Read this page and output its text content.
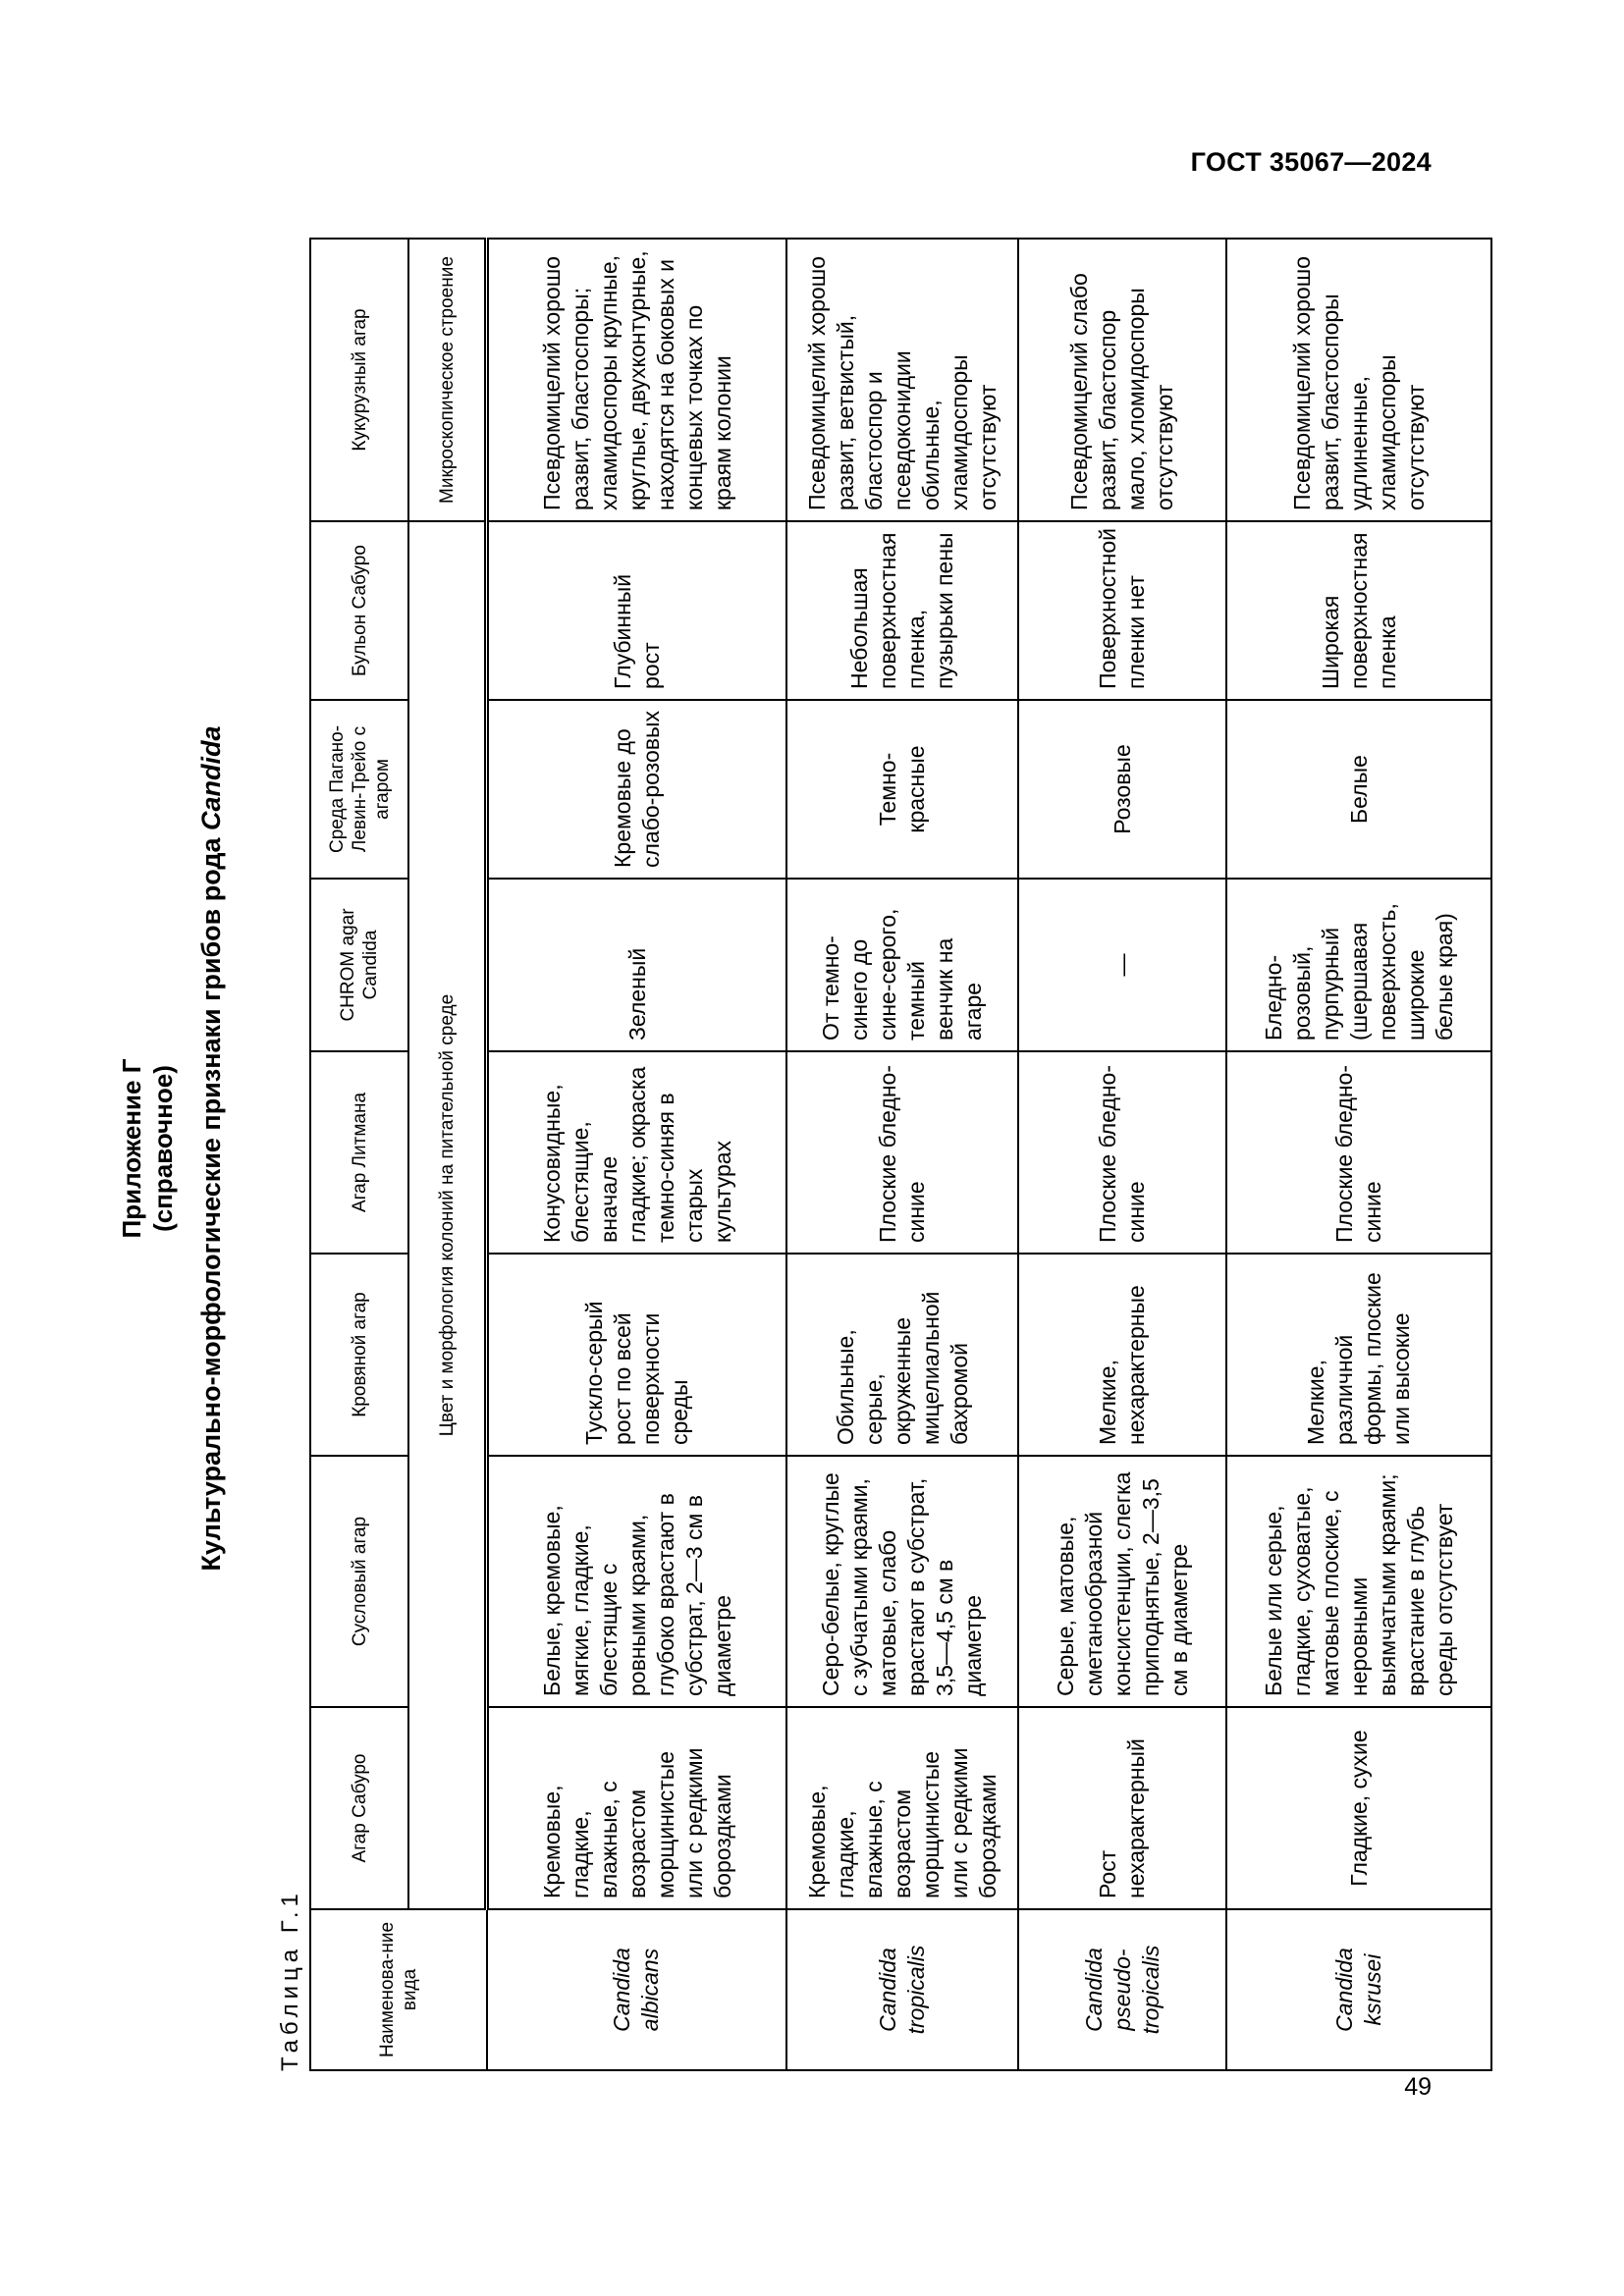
ГОСТ 35067—2024
Приложение Г (справочное) Культурально-морфологические признаки грибов рода Candida
Таблица Г.1	Наименова-ние вида	Агар Сабуро	Сусловый агар	Кровяной агар	Агар Литмана	CHROM agar Candida	Среда Пагано-Левин-Трейо с агаром	Бульон Сабуро	Кукурузный агар
	Цвет и морфология колоний на питательной среде							Микроскопическое строение
Candida albicans	Кремовые, гладкие, влажные, с возрастом морщинистые или с редкими бороздками	Белые, кремовые, мягкие, гладкие, блестящие с ровными краями, глубоко врастают в субстрат, 2—3 см в диаметре	Тускло-серый рост по всей поверхности среды	Конусовидные, блестящие, вначале гладкие; окраска темно-синяя в старых культурах	Зеленый	Кремовые до слабо-розовых	Глубинный рост	Псевдомицелий хорошо развит, бластоспоры; хламидоспоры крупные, круглые, двухконтурные, находятся на боковых и концевых точках по краям колонии
Candida tropicalis	Кремовые, гладкие, влажные, с возрастом морщинистые или с редкими бороздками	Серо-белые, круглые с зубчатыми краями, матовые, слабо врастают в субстрат, 3,5—4,5 см в диаметре	Обильные, серые, окруженные мицелиальной бахромой	Плоские бледно-синие	От темно-синего до сине-серого, темный венчик на агаре	Темно-красные	Небольшая поверхностная пленка, пузырьки пены	Псевдомицелий хорошо развит, ветвистый, бластоспор и псевдоконидии обильные, хламидоспоры отсутствуют
Candida pseudo-tropicalis	Рост нехарактерный	Серые, матовые, сметанообразной консистенции, слегка приподнятые, 2—3,5 см в диаметре	Мелкие, нехарактерные	Плоские бледно-синие	—	Розовые	Поверхностной пленки нет	Псевдомицелий слабо развит, бластоспор мало, хломидоспоры отсутствуют
Candida ksrusei	Гладкие, сухие	Белые или серые, гладкие, суховатые, матовые плоские, с неровными выямчатыми краями; врастание в глубь среды отсутствует	Мелкие, различной формы, плоские или высокие	Плоские бледно-синие	Бледно-розовый, пурпурный (шершавая поверхность, широкие белые края)	Белые	Широкая поверхностная пленка	Псевдомицелий хорошо развит, бластоспоры удлиненные, хламидоспоры отсутствуют
49
